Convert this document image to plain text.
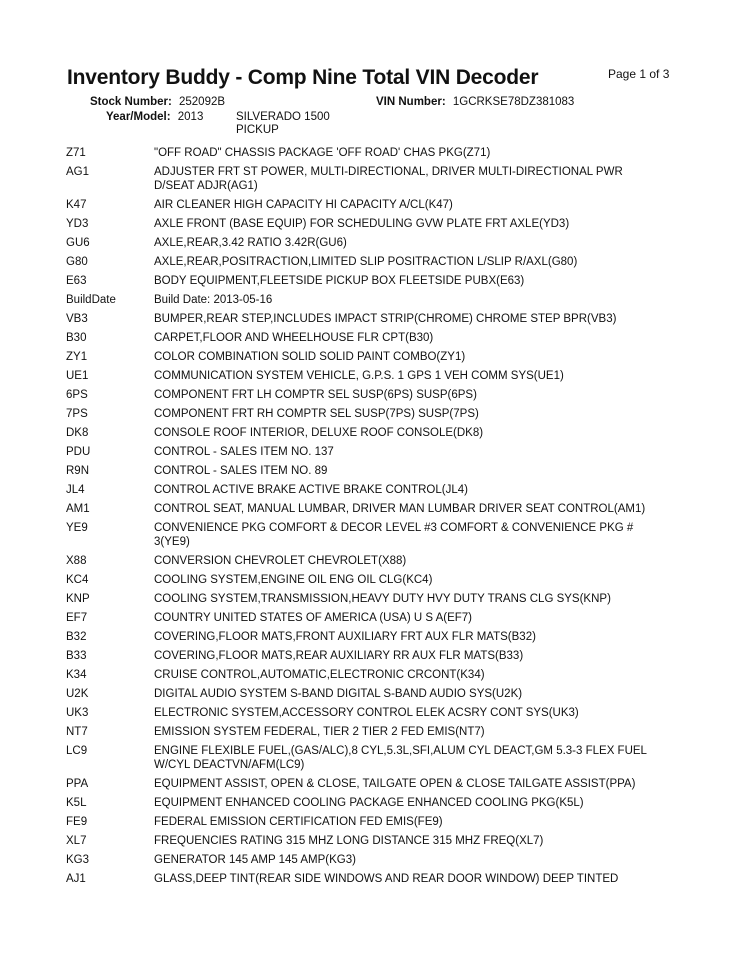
Inventory Buddy - Comp Nine Total VIN Decoder	Page 1 of 3
Stock Number: 252092B	VIN Number: 1GCRKSE78DZ381083
Year/Model: 2013	SILVERADO 1500
PICKUP
Z71	"OFF ROAD" CHASSIS PACKAGE 'OFF ROAD' CHAS PKG(Z71)
AG1	ADJUSTER FRT ST POWER, MULTI-DIRECTIONAL, DRIVER MULTI-DIRECTIONAL PWR
D/SEAT ADJR(AG1)
K47	AIR CLEANER HIGH CAPACITY HI CAPACITY A/CL(K47)
YD3	AXLE FRONT (BASE EQUIP) FOR SCHEDULING GVW PLATE FRT AXLE(YD3)
GU6	AXLE,REAR,3.42 RATIO 3.42R(GU6)
G80	AXLE,REAR,POSITRACTION,LIMITED SLIP POSITRACTION L/SLIP R/AXL(G80)
E63	BODY EQUIPMENT,FLEETSIDE PICKUP BOX FLEETSIDE PUBX(E63)
BuildDate	Build Date: 2013-05-16
VB3	BUMPER,REAR STEP,INCLUDES IMPACT STRIP(CHROME) CHROME STEP BPR(VB3)
B30	CARPET,FLOOR AND WHEELHOUSE FLR CPT(B30)
ZY1	COLOR COMBINATION SOLID SOLID PAINT COMBO(ZY1)
UE1	COMMUNICATION SYSTEM VEHICLE, G.P.S. 1 GPS 1 VEH COMM SYS(UE1)
6PS	COMPONENT FRT LH COMPTR SEL SUSP(6PS) SUSP(6PS)
7PS	COMPONENT FRT RH COMPTR SEL SUSP(7PS) SUSP(7PS)
DK8	CONSOLE ROOF INTERIOR, DELUXE ROOF CONSOLE(DK8)
PDU	CONTROL - SALES ITEM NO. 137
R9N	CONTROL - SALES ITEM NO. 89
JL4	CONTROL ACTIVE BRAKE ACTIVE BRAKE CONTROL(JL4)
AM1	CONTROL SEAT, MANUAL LUMBAR, DRIVER MAN LUMBAR DRIVER SEAT CONTROL(AM1)
YE9	CONVENIENCE PKG COMFORT & DECOR LEVEL #3 COMFORT & CONVENIENCE PKG #
3(YE9)
X88	CONVERSION CHEVROLET CHEVROLET(X88)
KC4	COOLING SYSTEM,ENGINE OIL ENG OIL CLG(KC4)
KNP	COOLING SYSTEM,TRANSMISSION,HEAVY DUTY HVY DUTY TRANS CLG SYS(KNP)
EF7	COUNTRY UNITED STATES OF AMERICA (USA) U S A(EF7)
B32	COVERING,FLOOR MATS,FRONT AUXILIARY FRT AUX FLR MATS(B32)
B33	COVERING,FLOOR MATS,REAR AUXILIARY RR AUX FLR MATS(B33)
K34	CRUISE CONTROL,AUTOMATIC,ELECTRONIC CRCONT(K34)
U2K	DIGITAL AUDIO SYSTEM S-BAND DIGITAL S-BAND AUDIO SYS(U2K)
UK3	ELECTRONIC SYSTEM,ACCESSORY CONTROL ELEK ACSRY CONT SYS(UK3)
NT7	EMISSION SYSTEM FEDERAL, TIER 2 TIER 2 FED EMIS(NT7)
LC9	ENGINE FLEXIBLE FUEL,(GAS/ALC),8 CYL,5.3L,SFI,ALUM CYL DEACT,GM 5.3-3 FLEX FUEL
W/CYL DEACTVN/AFM(LC9)
PPA	EQUIPMENT ASSIST, OPEN & CLOSE, TAILGATE OPEN & CLOSE TAILGATE ASSIST(PPA)
K5L	EQUIPMENT ENHANCED COOLING PACKAGE ENHANCED COOLING PKG(K5L)
FE9	FEDERAL EMISSION CERTIFICATION FED EMIS(FE9)
XL7	FREQUENCIES RATING 315 MHZ LONG DISTANCE 315 MHZ FREQ(XL7)
KG3	GENERATOR 145 AMP 145 AMP(KG3)
AJ1	GLASS,DEEP TINT(REAR SIDE WINDOWS AND REAR DOOR WINDOW) DEEP TINTED
